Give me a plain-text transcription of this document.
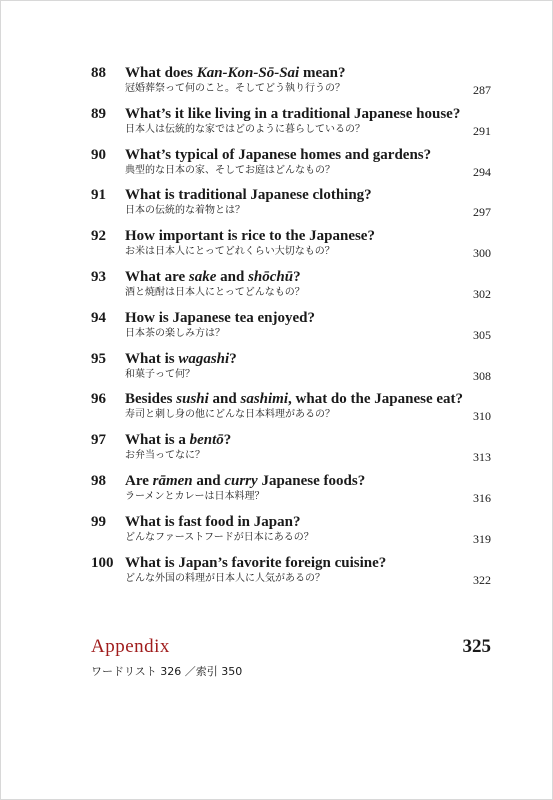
88	What does Kan-Kon-Sō-Sai mean?
冠婚葬祭って何のこと。そしてどう執り行うの？	287
89	What’s it like living in a traditional Japanese house?
日本人は伝統的な家ではどのように暮らしているの？	291
90	What’s typical of Japanese homes and gardens?
典型的な日本の家、そしてお庭はどんなもの？	294
91	What is traditional Japanese clothing?
日本の伝統的な着物とは？	297
92	How important is rice to the Japanese?
お米は日本人にとってどれくらい大切なもの？	300
93	What are sake and shōchū?
酒と焼酎は日本人にとってどんなもの？	302
94	How is Japanese tea enjoyed?
日本茶の楽しみ方は？	305
95	What is wagashi?
和菓子って何？	308
96	Besides sushi and sashimi, what do the Japanese eat?
寿司と刺し身の他にどんな日本料理があるの？	310
97	What is a bentō?
お弁当ってなに？	313
98	Are rāmen and curry Japanese foods?
ラーメンとカレーは日本料理？	316
99	What is fast food in Japan?
どんなファーストフードが日本にあるの？	319
100 What is Japan’s favorite foreign cuisine?
どんな外国の料理が日本人に人気があるの？	322
Appendix	325
ワードリスト 326 ／索引 350
